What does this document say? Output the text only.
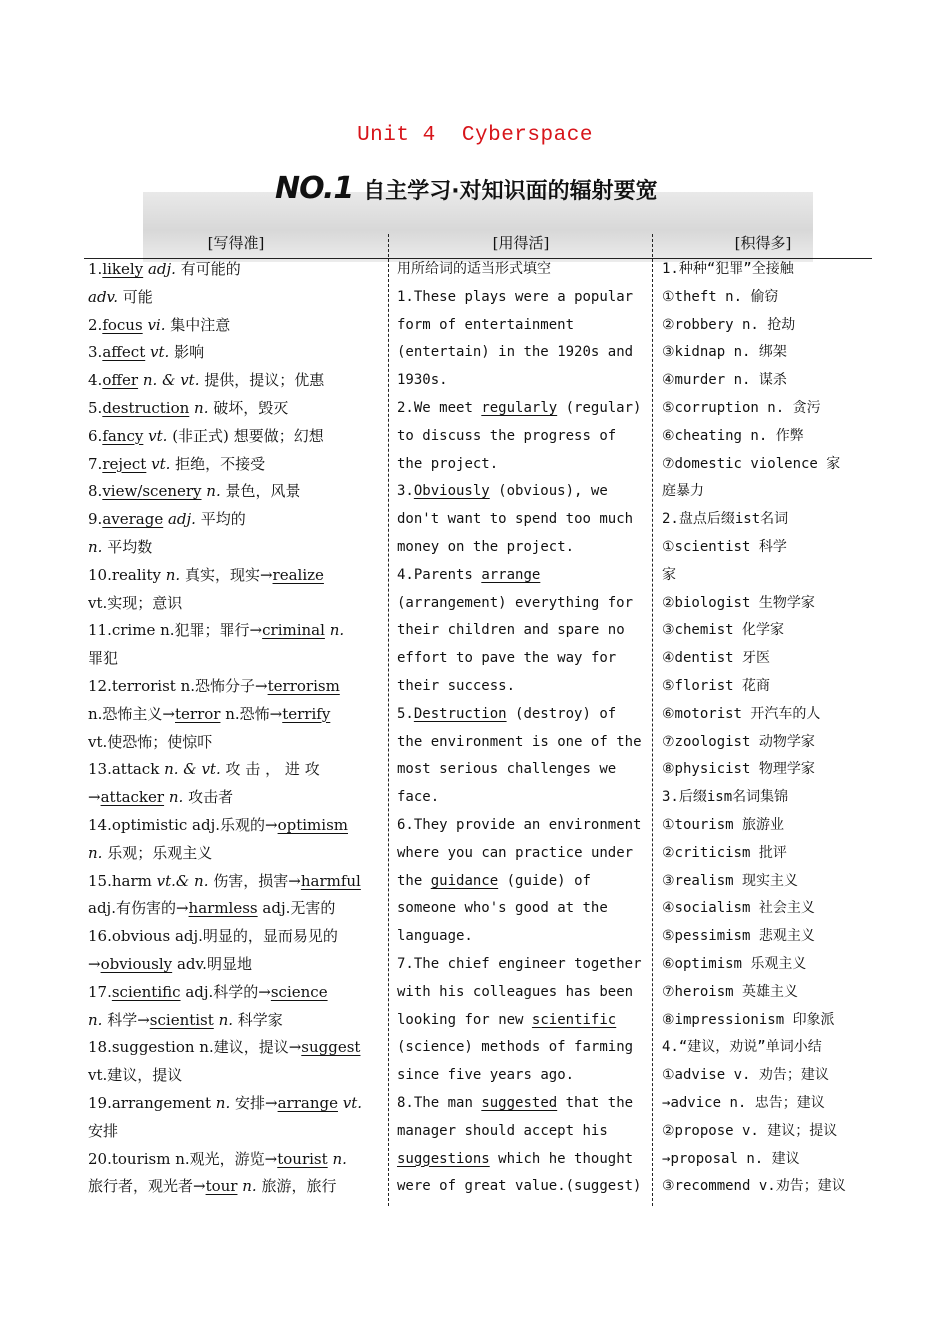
Unit 4  Cyberspace
NO.1 自主学习·对知识面的辐射要宽
[写得准]	[用得活]	[积得多]
1.likely adj. 有可能的
adv. 可能
2.focus vi. 集中注意
3.affect vt. 影响
4.offer n. & vt. 提供，提议；优惠
5.destruction n. 破坏，毁灭
6.fancy vt. (非正式) 想要做；幻想
7.reject vt. 拒绝，不接受
8.view/scenery n. 景色，风景
9.average adj. 平均的
n. 平均数
10.reality n. 真实，现实→realize
vt.实现；意识
11.crime n.犯罪；罪行→criminal n.
罪犯
12.terrorist n.恐怖分子→terrorism
n.恐怖主义→terror n.恐怖→terrify
vt.使恐怖；使惊吓
13.attack n. & vt. 攻 击 ， 进 攻
→attacker n. 攻击者
14.optimistic adj.乐观的→optimism
n. 乐观；乐观主义
15.harm vt.& n. 伤害，损害→harmful
adj.有伤害的→harmless adj.无害的
16.obvious adj.明显的，显而易见的
→obviously adv.明显地
17.scientific adj.科学的→science
n. 科学→scientist n. 科学家
18.suggestion n.建议，提议→suggest
vt.建议，提议
19.arrangement n. 安排→arrange vt.
安排
20.tourism n.观光，游览→tourist n.
旅行者，观光者→tour n. 旅游，旅行
用所给词的适当形式填空
1.These plays were a popular
form of entertainment
(entertain) in the 1920s and
1930s.
2.We meet regularly (regular)
to discuss the progress of
the project.
3.Obviously (obvious), we
don't want to spend too much
money on the project.
4.Parents arrange
(arrangement) everything for
their children and spare no
effort to pave the way for
their success.
5.Destruction (destroy) of
the environment is one of the
most serious challenges we
face.
6.They provide an environment
where you can practice under
the guidance (guide) of
someone who's good at the
language.
7.The chief engineer together
with his colleagues has been
looking for new scientific
(science) methods of farming
since five years ago.
8.The man suggested that the
manager should accept his
suggestions which he thought
were of great value.(suggest)
1.种种“犯罪”全接触
①theft n. 偷窃
②robbery n. 抢劫
③kidnap n. 绑架
④murder n. 谋杀
⑤corruption n. 贪污
⑥cheating n. 作弊
⑦domestic violence 家
庭暴力
2.盘点后缀ist名词
①scientist 科学
家
②biologist 生物学家
③chemist 化学家
④dentist 牙医
⑤florist 花商
⑥motorist 开汽车的人
⑦zoologist 动物学家
⑧physicist 物理学家
3.后缀ism名词集锦
①tourism 旅游业
②criticism 批评
③realism 现实主义
④socialism 社会主义
⑤pessimism 悲观主义
⑥optimism 乐观主义
⑦heroism 英雄主义
⑧impressionism 印象派
4.“建议，劝说”单词小结
①advise v. 劝告；建议
→advice n. 忠告；建议
②propose v. 建议；提议
→proposal n. 建议
③recommend v.劝告；建议
